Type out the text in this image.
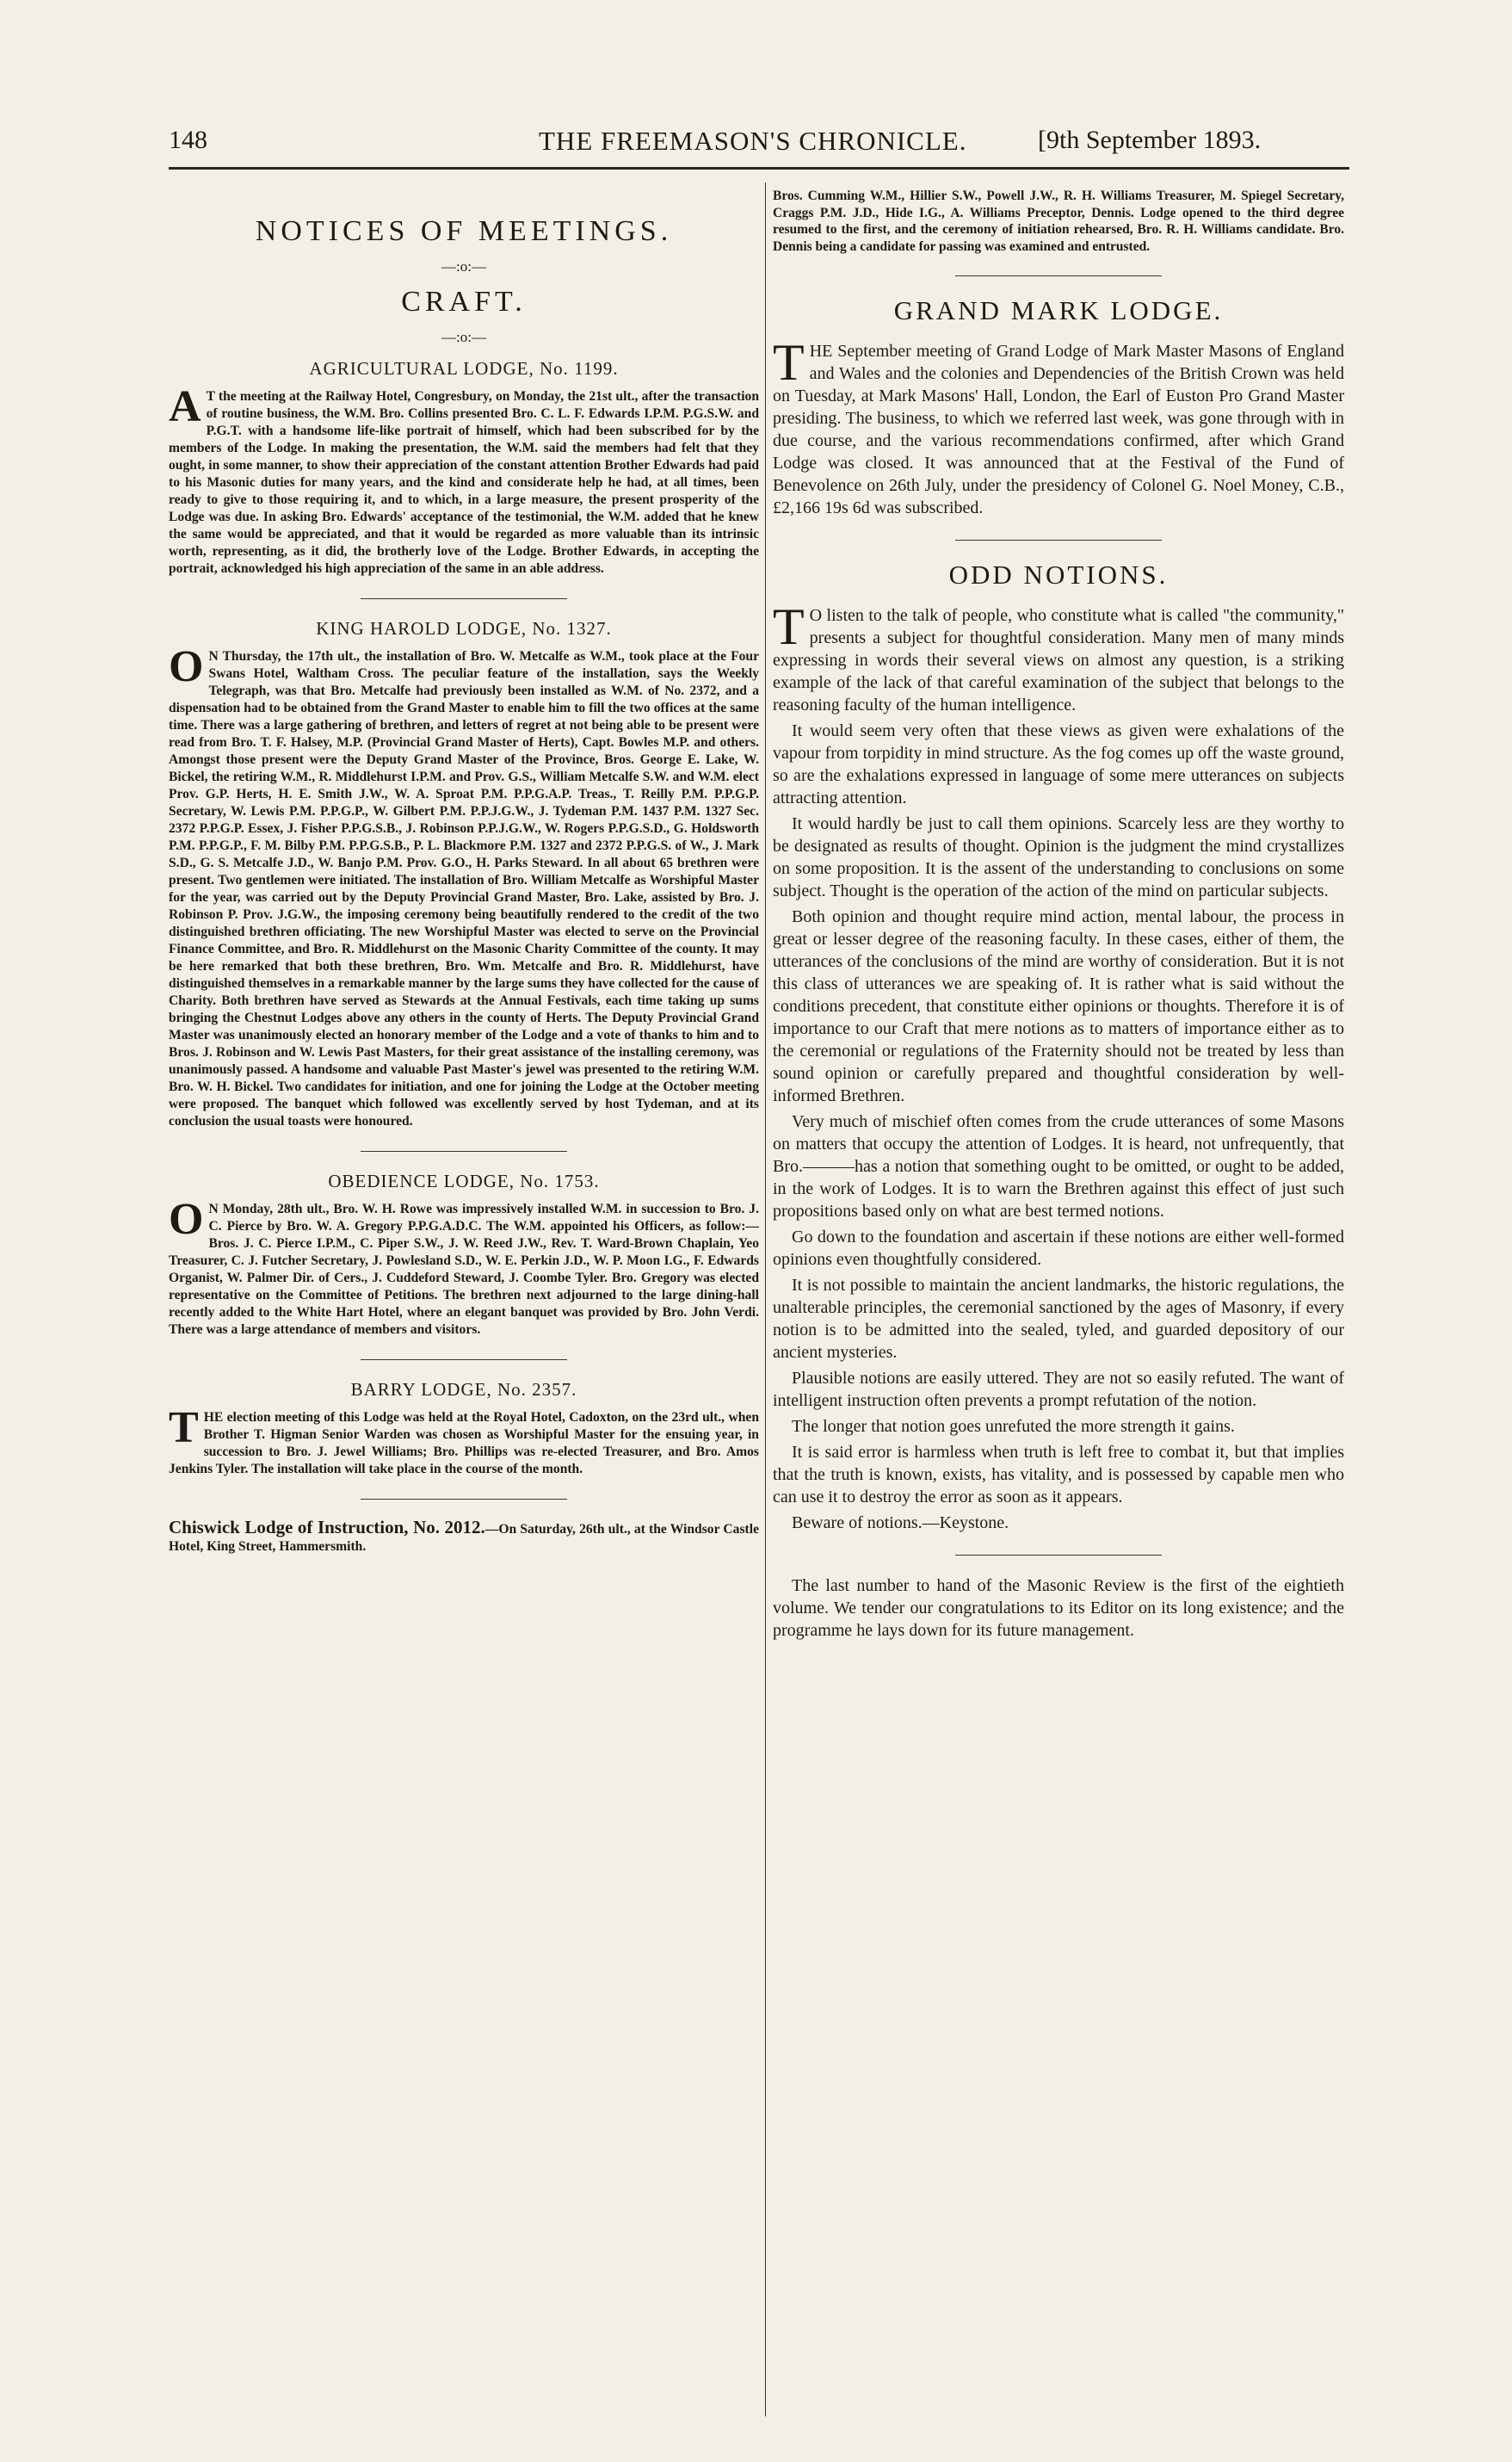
148	THE FREEMASON'S CHRONICLE.	[9th September 1893.
NOTICES OF MEETINGS.
—:o:—
CRAFT.
—:o:—
AGRICULTURAL LODGE, No. 1199.

A T the meeting at the Railway Hotel, Congresbury, on Monday, the 21st ult., after the transaction of routine business, the W.M. Bro. Collins presented Bro. C. L. F. Edwards I.P.M. P.G.S.W. and P.G.T. with a handsome life-like portrait of himself, which had been subscribed for by the members of the Lodge. In making the presentation, the W.M. said the members had felt that they ought, in some manner, to show their appreciation of the constant attention Brother Edwards had paid to his Masonic duties for many years, and the kind and considerate help he had, at all times, been ready to give to those requiring it, and to which, in a large measure, the present prosperity of the Lodge was due. In asking Bro. Edwards' acceptance of the testimonial, the W.M. added that he knew the same would be appreciated, and that it would be regarded as more valuable than its intrinsic worth, representing, as it did, the brotherly love of the Lodge. Brother Edwards, in accepting the portrait, acknowledged his high appreciation of the same in an able address.

KING HAROLD LODGE, No. 1327.

O N Thursday, the 17th ult., the installation of Bro. W. Metcalfe as W.M., took place at the Four Swans Hotel, Waltham Cross. The peculiar feature of the installation, says the Weekly Telegraph, was that Bro. Metcalfe had previously been installed as W.M. of No. 2372, and a dispensation had to be obtained from the Grand Master to enable him to fill the two offices at the same time. There was a large gathering of brethren, and letters of regret at not being able to be present were read from Bro. T. F. Halsey, M.P. (Provincial Grand Master of Herts), Capt. Bowles M.P. and others. Amongst those present were the Deputy Grand Master of the Province, Bros. George E. Lake, W. Bickel, the retiring W.M., R. Middlehurst I.P.M. and Prov. G.S., William Metcalfe S.W. and W.M. elect Prov. G.P. Herts, H. E. Smith J.W., W. A. Sproat P.M. P.P.G.A.P. Treas., T. Reilly P.M. P.P.G.P. Secretary, W. Lewis P.M. P.P.G.P., W. Gilbert P.M. P.P.J.G.W., J. Tydeman P.M. 1437 P.M. 1327 Sec. 2372 P.P.G.P. Essex, J. Fisher P.P.G.S.B., J. Robinson P.P.J.G.W., W. Rogers P.P.G.S.D., G. Holdsworth P.M. P.P.G.P., F. M. Bilby P.M. P.P.G.S.B., P. L. Blackmore P.M. 1327 and 2372 P.P.G.S. of W., J. Mark S.D., G. S. Metcalfe J.D., W. Banjo P.M. Prov. G.O., H. Parks Steward. In all about 65 brethren were present. Two gentlemen were initiated. The installation of Bro. William Metcalfe as Worshipful Master for the year, was carried out by the Deputy Provincial Grand Master, Bro. Lake, assisted by Bro. J. Robinson P. Prov. J.G.W., the imposing ceremony being beautifully rendered to the credit of the two distinguished brethren officiating. The new Worshipful Master was elected to serve on the Provincial Finance Committee, and Bro. R. Middlehurst on the Masonic Charity Committee of the county. It may be here remarked that both these brethren, Bro. Wm. Metcalfe and Bro. R. Middlehurst, have distinguished themselves in a remarkable manner by the large sums they have collected for the cause of Charity. Both brethren have served as Stewards at the Annual Festivals, each time taking up sums bringing the Chestnut Lodges above any others in the county of Herts. The Deputy Provincial Grand Master was unanimously elected an honorary member of the Lodge and a vote of thanks to him and to Bros. J. Robinson and W. Lewis Past Masters, for their great assistance of the installing ceremony, was unanimously passed. A handsome and valuable Past Master's jewel was presented to the retiring W.M. Bro. W. H. Bickel. Two candidates for initiation, and one for joining the Lodge at the October meeting were proposed. The banquet which followed was excellently served by host Tydeman, and at its conclusion the usual toasts were honoured.

OBEDIENCE LODGE, No. 1753.

O N Monday, 28th ult., Bro. W. H. Rowe was impressively installed W.M. in succession to Bro. J. C. Pierce by Bro. W. A. Gregory P.P.G.A.D.C. The W.M. appointed his Officers, as follow:— Bros. J. C. Pierce I.P.M., C. Piper S.W., J. W. Reed J.W., Rev. T. Ward-Brown Chaplain, Yeo Treasurer, C. J. Futcher Secretary, J. Powlesland S.D., W. E. Perkin J.D., W. P. Moon I.G., F. Edwards Organist, W. Palmer Dir. of Cers., J. Cuddeford Steward, J. Coombe Tyler. Bro. Gregory was elected representative on the Committee of Petitions. The brethren next adjourned to the large dining-hall recently added to the White Hart Hotel, where an elegant banquet was provided by Bro. John Verdi. There was a large attendance of members and visitors.

BARRY LODGE, No. 2357.

THE election meeting of this Lodge was held at the Royal Hotel, Cadoxton, on the 23rd ult., when Brother T. Higman Senior Warden was chosen as Worshipful Master for the ensuing year, in succession to Bro. J. Jewel Williams; Bro. Phillips was re-elected Treasurer, and Bro. Amos Jenkins Tyler. The installation will take place in the course of the month.

Chiswick Lodge of Instruction, No. 2012.—On Saturday, 26th ult., at the Windsor Castle Hotel, King Street, Hammersmith.

Bros. Cumming W.M., Hillier S.W., Powell J.W., R. H. Williams Treasurer, M. Spiegel Secretary, Craggs P.M. J.D., Hide I.G., A. Williams Preceptor, Dennis. Lodge opened to the third degree resumed to the first, and the ceremony of initiation rehearsed, Bro. R. H. Williams candidate. Bro. Dennis being a candidate for passing was examined and entrusted.

GRAND MARK LODGE.

THE September meeting of Grand Lodge of Mark Master Masons of England and Wales and the colonies and Dependencies of the British Crown was held on Tuesday, at Mark Masons' Hall, London, the Earl of Euston Pro Grand Master presiding. The business, to which we referred last week, was gone through with in due course, and the various recommendations confirmed, after which Grand Lodge was closed. It was announced that at the Festival of the Fund of Benevolence on 26th July, under the presidency of Colonel G. Noel Money, C.B., £2,166 19s 6d was subscribed.

ODD NOTIONS.

T O listen to the talk of people, who constitute what is called "the community," presents a subject for thoughtful consideration. Many men of many minds expressing in words their several views on almost any question, is a striking example of the lack of that careful examination of the subject that belongs to the reasoning faculty of the human intelligence.

It would seem very often that these views as given were exhalations of the vapour from torpidity in mind structure. As the fog comes up off the waste ground, so are the exhalations expressed in language of some mere utterances on subjects attracting attention.

It would hardly be just to call them opinions. Scarcely less are they worthy to be designated as results of thought. Opinion is the judgment the mind crystallizes on some proposition. It is the assent of the understanding to conclusions on some subject. Thought is the operation of the action of the mind on particular subjects.

Both opinion and thought require mind action, mental labour, the process in great or lesser degree of the reasoning faculty. In these cases, either of them, the utterances of the conclusions of the mind are worthy of consideration. But it is not this class of utterances we are speaking of. It is rather what is said without the conditions precedent, that constitute either opinions or thoughts. Therefore it is of importance to our Craft that mere notions as to matters of importance either as to the ceremonial or regulations of the Fraternity should not be treated by less than sound opinion or carefully prepared and thoughtful consideration by well-informed Brethren.

Very much of mischief often comes from the crude utterances of some Masons on matters that occupy the attention of Lodges. It is heard, not unfrequently, that Bro.———has a notion that something ought to be omitted, or ought to be added, in the work of Lodges. It is to warn the Brethren against this effect of just such propositions based only on what are best termed notions.

Go down to the foundation and ascertain if these notions are either well-formed opinions even thoughtfully considered.

It is not possible to maintain the ancient landmarks, the historic regulations, the unalterable principles, the ceremonial sanctioned by the ages of Masonry, if every notion is to be admitted into the sealed, tyled, and guarded depository of our ancient mysteries.

Plausible notions are easily uttered. They are not so easily refuted. The want of intelligent instruction often prevents a prompt refutation of the notion.

The longer that notion goes unrefuted the more strength it gains.

It is said error is harmless when truth is left free to combat it, but that implies that the truth is known, exists, has vitality, and is possessed by capable men who can use it to destroy the error as soon as it appears.

Beware of notions.—Keystone.

The last number to hand of the Masonic Review is the first of the eightieth volume. We tender our congratulations to its Editor on its long existence; and the programme he lays down for its future management.
